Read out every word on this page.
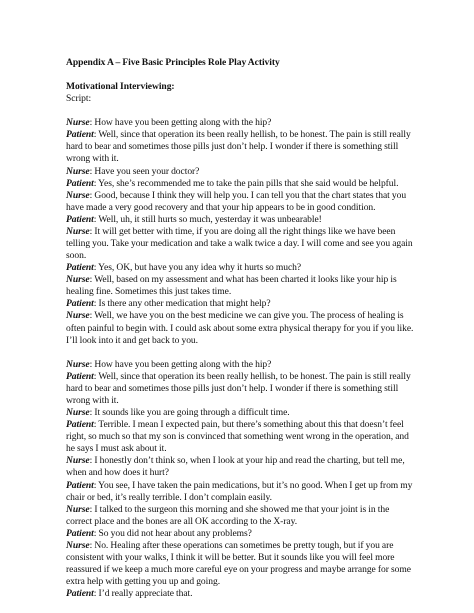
Appendix A – Five Basic Principles Role Play Activity

Motivational Interviewing:

Script:

Nurse: How have you been getting along with the hip?

Patient: Well, since that operation its been really hellish, to be honest. The pain is still really hard to bear and sometimes those pills just don’t help. I wonder if there is something still wrong with it.

Nurse: Have you seen your doctor?

Patient: Yes, she’s recommended me to take the pain pills that she said would be helpful.

Nurse: Good, because I think they will help you. I can tell you that the chart states that you have made a very good recovery and that your hip appears to be in good condition.

Patient: Well, uh, it still hurts so much, yesterday it was unbearable!

Nurse: It will get better with time, if you are doing all the right things like we have been telling you. Take your medication and take a walk twice a day. I will come and see you again soon.

Patient: Yes, OK, but have you any idea why it hurts so much?

Nurse: Well, based on my assessment and what has been charted it looks like your hip is healing fine. Sometimes this just takes time.

Patient: Is there any other medication that might help?

Nurse: Well, we have you on the best medicine we can give you. The process of healing is often painful to begin with. I could ask about some extra physical therapy for you if you like. I’ll look into it and get back to you.

Nurse: How have you been getting along with the hip?

Patient: Well, since that operation its been really hellish, to be honest. The pain is still really hard to bear and sometimes those pills just don’t help. I wonder if there is something still wrong with it.

Nurse: It sounds like you are going through a difficult time.

Patient: Terrible. I mean I expected pain, but there’s something about this that doesn’t feel right, so much so that my son is convinced that something went wrong in the operation, and he says I must ask about it.

Nurse: I honestly don’t think so, when I look at your hip and read the charting, but tell me, when and how does it hurt?

Patient: You see, I have taken the pain medications, but it’s no good. When I get up from my chair or bed, it’s really terrible. I don’t complain easily.

Nurse: I talked to the surgeon this morning and she showed me that your joint is in the correct place and the bones are all OK according to the X-ray.

Patient: So you did not hear about any problems?

Nurse: No. Healing after these operations can sometimes be pretty tough, but if you are consistent with your walks, I think it will be better. But it sounds like you will feel more reassured if we keep a much more careful eye on your progress and maybe arrange for some extra help with getting you up and going.

Patient: I’d really appreciate that.
